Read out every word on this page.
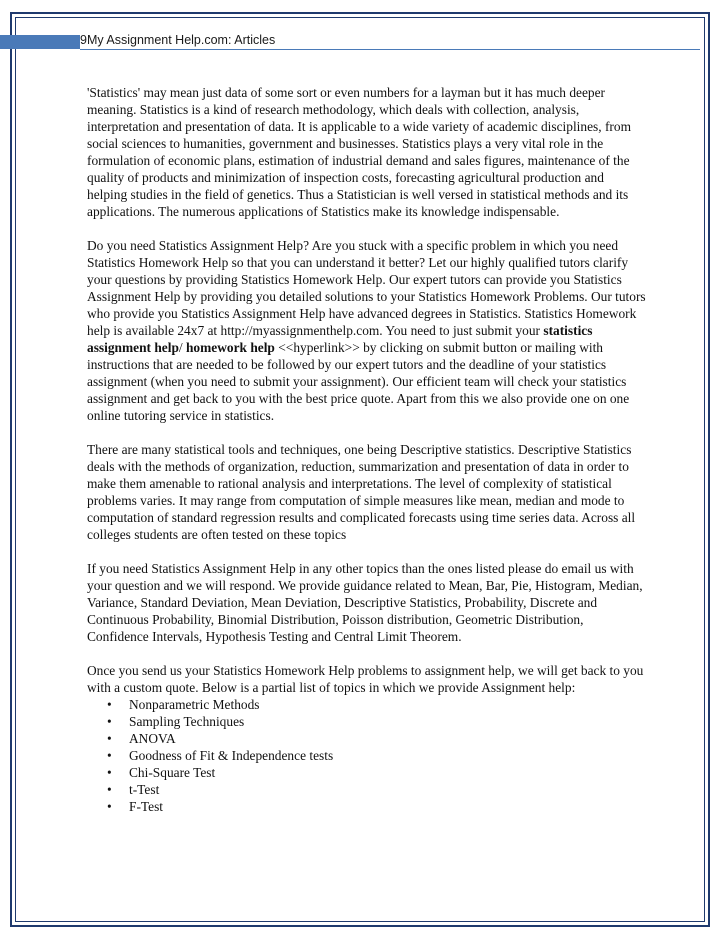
9My Assignment Help.com: Articles

'Statistics' may mean just data of some sort or even numbers for a layman but it has much deeper meaning. Statistics is a kind of research methodology, which deals with collection, analysis, interpretation and presentation of data. It is applicable to a wide variety of academic disciplines, from social sciences to humanities, government and businesses. Statistics plays a very vital role in the formulation of economic plans, estimation of industrial demand and sales figures, maintenance of the quality of products and minimization of inspection costs, forecasting agricultural production and helping studies in the field of genetics. Thus a Statistician is well versed in statistical methods and its applications. The numerous applications of Statistics make its knowledge indispensable.

Do you need Statistics Assignment Help? Are you stuck with a specific problem in which you need Statistics Homework Help so that you can understand it better? Let our highly qualified tutors clarify your questions by providing Statistics Homework Help. Our expert tutors can provide you Statistics Assignment Help by providing you detailed solutions to your Statistics Homework Problems. Our tutors who provide you Statistics Assignment Help have advanced degrees in Statistics. Statistics Homework help is available 24x7 at http://myassignmenthelp.com. You need to just submit your statistics assignment help/ homework help <<hyperlink>> by clicking on submit button or mailing with instructions that are needed to be followed by our expert tutors and the deadline of your statistics assignment (when you need to submit your assignment). Our efficient team will check your statistics assignment and get back to you with the best price quote. Apart from this we also provide one on one online tutoring service in statistics.

There are many statistical tools and techniques, one being Descriptive statistics. Descriptive Statistics deals with the methods of organization, reduction, summarization and presentation of data in order to make them amenable to rational analysis and interpretations. The level of complexity of statistical problems varies. It may range from computation of simple measures like mean, median and mode to computation of standard regression results and complicated forecasts using time series data. Across all colleges students are often tested on these topics

If you need Statistics Assignment Help in any other topics than the ones listed please do email us with your question and we will respond. We provide guidance related to Mean, Bar, Pie, Histogram, Median, Variance, Standard Deviation, Mean Deviation, Descriptive Statistics, Probability, Discrete and Continuous Probability, Binomial Distribution, Poisson distribution, Geometric Distribution, Confidence Intervals, Hypothesis Testing and Central Limit Theorem.

Once you send us your Statistics Homework Help problems to assignment help, we will get back to you with a custom quote. Below is a partial list of topics in which we provide Assignment help:

• Nonparametric Methods
• Sampling Techniques
• ANOVA
• Goodness of Fit & Independence tests
• Chi-Square Test
• t-Test
• F-Test
